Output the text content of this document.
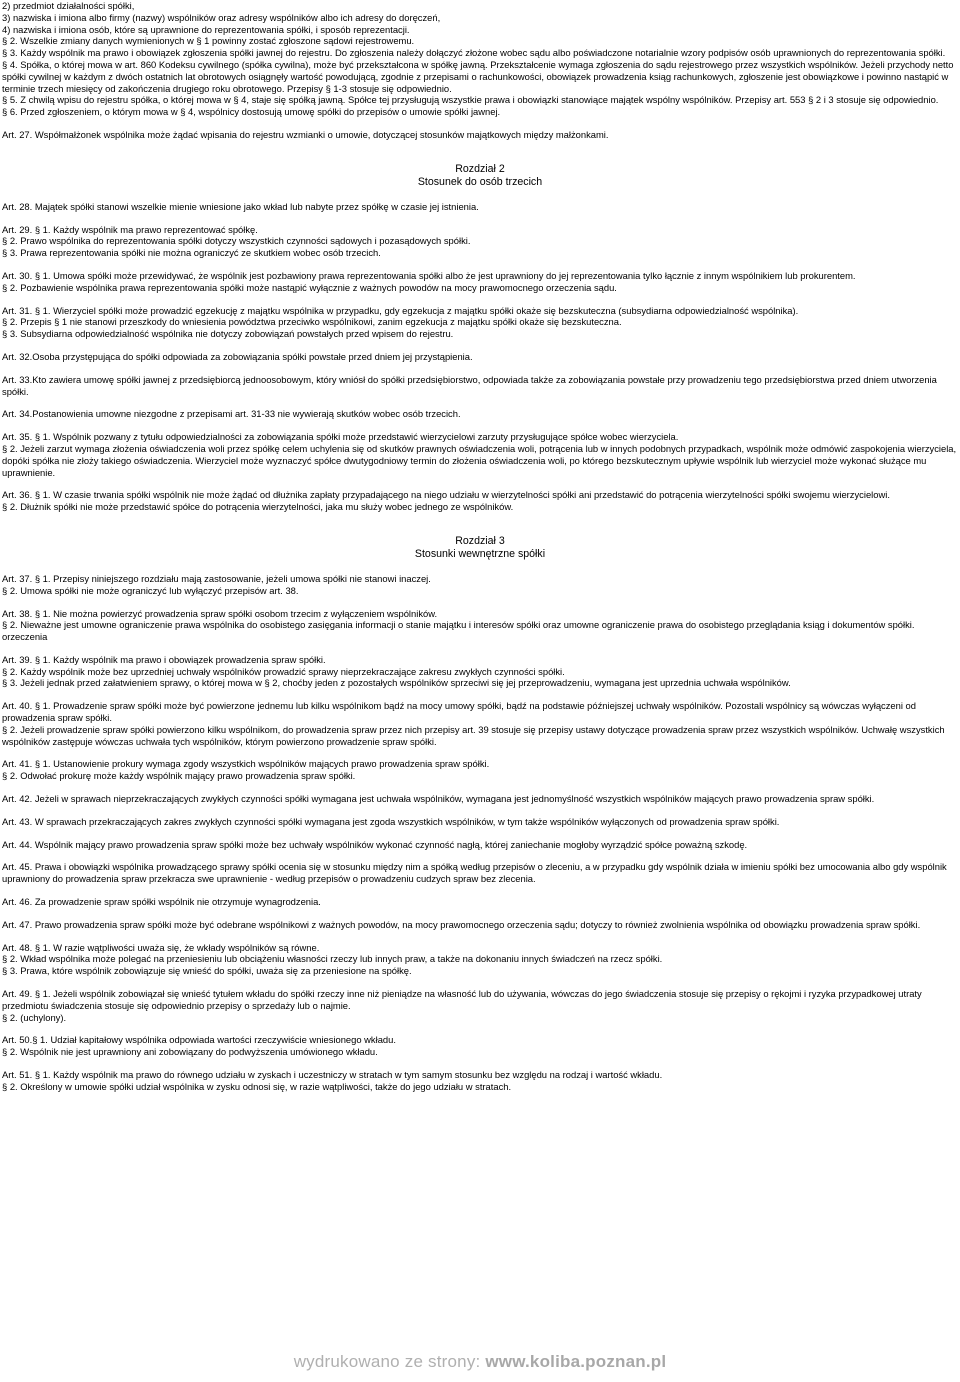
2) przedmiot działalności spółki,

3) nazwiska i imiona albo firmy (nazwy) wspólników oraz adresy wspólników albo ich adresy do doręczeń,

4) nazwiska i imiona osób, które są uprawnione do reprezentowania spółki, i sposób reprezentacji.

§ 2. Wszelkie zmiany danych wymienionych w § 1 powinny zostać zgłoszone sądowi rejestrowemu.

§ 3. Każdy wspólnik ma prawo i obowiązek zgłoszenia spółki jawnej do rejestru. Do zgłoszenia należy dołączyć złożone wobec sądu albo poświadczone notarialnie wzory podpisów osób uprawnionych do reprezentowania spółki.

§ 4. Spółka, o której mowa w art. 860 Kodeksu cywilnego (spółka cywilna), może być przekształcona w spółkę jawną. Przekształcenie wymaga zgłoszenia do sądu rejestrowego przez wszystkich wspólników. Jeżeli przychody netto spółki cywilnej w każdym z dwóch ostatnich lat obrotowych osiągnęły wartość powodującą, zgodnie z przepisami o rachunkowości, obowiązek prowadzenia ksiąg rachunkowych, zgłoszenie jest obowiązkowe i powinno nastąpić w terminie trzech miesięcy od zakończenia drugiego roku obrotowego. Przepisy § 1-3 stosuje się odpowiednio.

§ 5. Z chwilą wpisu do rejestru spółka, o której mowa w § 4, staje się spółką jawną. Spółce tej przysługują wszystkie prawa i obowiązki stanowiące majątek wspólny wspólników. Przepisy art. 553 § 2 i 3 stosuje się odpowiednio.

§ 6. Przed zgłoszeniem, o którym mowa w § 4, wspólnicy dostosują umowę spółki do przepisów o umowie spółki jawnej.

Art. 27. Współmałżonek wspólnika może żądać wpisania do rejestru wzmianki o umowie, dotyczącej stosunków majątkowych między małżonkami.

Rozdział 2
Stosunek do osób trzecich

Art. 28. Majątek spółki stanowi wszelkie mienie wniesione jako wkład lub nabyte przez spółkę w czasie jej istnienia.

Art. 29. § 1. Każdy wspólnik ma prawo reprezentować spółkę.

§ 2. Prawo wspólnika do reprezentowania spółki dotyczy wszystkich czynności sądowych i pozasądowych spółki.

§ 3. Prawa reprezentowania spółki nie można ograniczyć ze skutkiem wobec osób trzecich.

Art. 30. § 1. Umowa spółki może przewidywać, że wspólnik jest pozbawiony prawa reprezentowania spółki albo że jest uprawniony do jej reprezentowania tylko łącznie z innym wspólnikiem lub prokurentem.

§ 2. Pozbawienie wspólnika prawa reprezentowania spółki może nastąpić wyłącznie z ważnych powodów na mocy prawomocnego orzeczenia sądu.

Art. 31. § 1. Wierzyciel spółki może prowadzić egzekucję z majątku wspólnika w przypadku, gdy egzekucja z majątku spółki okaże się bezskuteczna (subsydiarna odpowiedzialność wspólnika).

§ 2. Przepis § 1 nie stanowi przeszkody do wniesienia powództwa przeciwko wspólnikowi, zanim egzekucja z majątku spółki okaże się bezskuteczna.

§ 3. Subsydiarna odpowiedzialność wspólnika nie dotyczy zobowiązań powstałych przed wpisem do rejestru.

Art. 32.Osoba przystępująca do spółki odpowiada za zobowiązania spółki powstałe przed dniem jej przystąpienia.

Art. 33.Kto zawiera umowę spółki jawnej z przedsiębiorcą jednoosobowym, który wniósł do spółki przedsiębiorstwo, odpowiada także za zobowiązania powstałe przy prowadzeniu tego przedsiębiorstwa przed dniem utworzenia spółki.

Art. 34.Postanowienia umowne niezgodne z przepisami art. 31-33 nie wywierają skutków wobec osób trzecich.

Art. 35. § 1. Wspólnik pozwany z tytułu odpowiedzialności za zobowiązania spółki może przedstawić wierzycielowi zarzuty przysługujące spółce wobec wierzyciela.

§ 2. Jeżeli zarzut wymaga złożenia oświadczenia woli przez spółkę celem uchylenia się od skutków prawnych oświadczenia woli, potrącenia lub w innych podobnych przypadkach, wspólnik może odmówić zaspokojenia wierzyciela, dopóki spółka nie złoży takiego oświadczenia. Wierzyciel może wyznaczyć spółce dwutygodniowy termin do złożenia oświadczenia woli, po którego bezskutecznym upływie wspólnik lub wierzyciel może wykonać służące mu uprawnienie.

Art. 36. § 1. W czasie trwania spółki wspólnik nie może żądać od dłużnika zapłaty przypadającego na niego udziału w wierzytelności spółki ani przedstawić do potrącenia wierzytelności spółki swojemu wierzycielowi.

§ 2. Dłużnik spółki nie może przedstawić spółce do potrącenia wierzytelności, jaka mu służy wobec jednego ze wspólników.

Rozdział 3
Stosunki wewnętrzne spółki

Art. 37. § 1. Przepisy niniejszego rozdziału mają zastosowanie, jeżeli umowa spółki nie stanowi inaczej.

§ 2. Umowa spółki nie może ograniczyć lub wyłączyć przepisów art. 38.

Art. 38. § 1. Nie można powierzyć prowadzenia spraw spółki osobom trzecim z wyłączeniem wspólników.

§ 2. Nieważne jest umowne ograniczenie prawa wspólnika do osobistego zasięgania informacji o stanie majątku i interesów spółki oraz umowne ograniczenie prawa do osobistego przeglądania ksiąg i dokumentów spółki. orzeczenia

Art. 39. § 1. Każdy wspólnik ma prawo i obowiązek prowadzenia spraw spółki.

§ 2. Każdy wspólnik może bez uprzedniej uchwały wspólników prowadzić sprawy nieprzekraczające zakresu zwykłych czynności spółki.

§ 3. Jeżeli jednak przed załatwieniem sprawy, o której mowa w § 2, choćby jeden z pozostałych wspólników sprzeciwi się jej przeprowadzeniu, wymagana jest uprzednia uchwała wspólników.

Art. 40. § 1. Prowadzenie spraw spółki może być powierzone jednemu lub kilku wspólnikom bądź na mocy umowy spółki, bądź na podstawie późniejszej uchwały wspólników. Pozostali wspólnicy są wówczas wyłączeni od prowadzenia spraw spółki.

§ 2. Jeżeli prowadzenie spraw spółki powierzono kilku wspólnikom, do prowadzenia spraw przez nich przepisy art. 39 stosuje się przepisy ustawy dotyczące prowadzenia spraw przez wszystkich wspólników. Uchwałę wszystkich wspólników zastępuje wówczas uchwała tych wspólników, którym powierzono prowadzenie spraw spółki.

Art. 41. § 1. Ustanowienie prokury wymaga zgody wszystkich wspólników mających prawo prowadzenia spraw spółki.

§ 2. Odwołać prokurę może każdy wspólnik mający prawo prowadzenia spraw spółki.

Art. 42. Jeżeli w sprawach nieprzekraczających zwykłych czynności spółki wymagana jest uchwała wspólników, wymagana jest jednomyślność wszystkich wspólników mających prawo prowadzenia spraw spółki.

Art. 43. W sprawach przekraczających zakres zwykłych czynności spółki wymagana jest zgoda wszystkich wspólników, w tym także wspólników wyłączonych od prowadzenia spraw spółki.

Art. 44. Wspólnik mający prawo prowadzenia spraw spółki może bez uchwały wspólników wykonać czynność nagłą, której zaniechanie mogłoby wyrządzić spółce poważną szkodę.

Art. 45. Prawa i obowiązki wspólnika prowadzącego sprawy spółki ocenia się w stosunku między nim a spółką według przepisów o zleceniu, a w przypadku gdy wspólnik działa w imieniu spółki bez umocowania albo gdy wspólnik uprawniony do prowadzenia spraw przekracza swe uprawnienie - według przepisów o prowadzeniu cudzych spraw bez zlecenia.

Art. 46. Za prowadzenie spraw spółki wspólnik nie otrzymuje wynagrodzenia.

Art. 47. Prawo prowadzenia spraw spółki może być odebrane wspólnikowi z ważnych powodów, na mocy prawomocnego orzeczenia sądu; dotyczy to również zwolnienia wspólnika od obowiązku prowadzenia spraw spółki.

Art. 48. § 1. W razie wątpliwości uważa się, że wkłady wspólników są równe.

§ 2. Wkład wspólnika może polegać na przeniesieniu lub obciążeniu własności rzeczy lub innych praw, a także na dokonaniu innych świadczeń na rzecz spółki.

§ 3. Prawa, które wspólnik zobowiązuje się wnieść do spółki, uważa się za przeniesione na spółkę.

Art. 49. § 1. Jeżeli wspólnik zobowiązał się wnieść tytułem wkładu do spółki rzeczy inne niż pieniądze na własność lub do używania, wówczas do jego świadczenia stosuje się przepisy o rękojmi i ryzyka przypadkowej utraty przedmiotu świadczenia stosuje się odpowiednio przepisy o sprzedaży lub o najmie.

§ 2. (uchylony).

Art. 50.§ 1. Udział kapitałowy wspólnika odpowiada wartości rzeczywiście wniesionego wkładu.

§ 2. Wspólnik nie jest uprawniony ani zobowiązany do podwyższenia umówionego wkładu.

Art. 51. § 1. Każdy wspólnik ma prawo do równego udziału w zyskach i uczestniczy w stratach w tym samym stosunku bez względu na rodzaj i wartość wkładu.

§ 2. Określony w umowie spółki udział wspólnika w zysku odnosi się, w razie wątpliwości, także do jego udziału w stratach.

wydrukowano ze strony: www.koliba.poznan.pl
